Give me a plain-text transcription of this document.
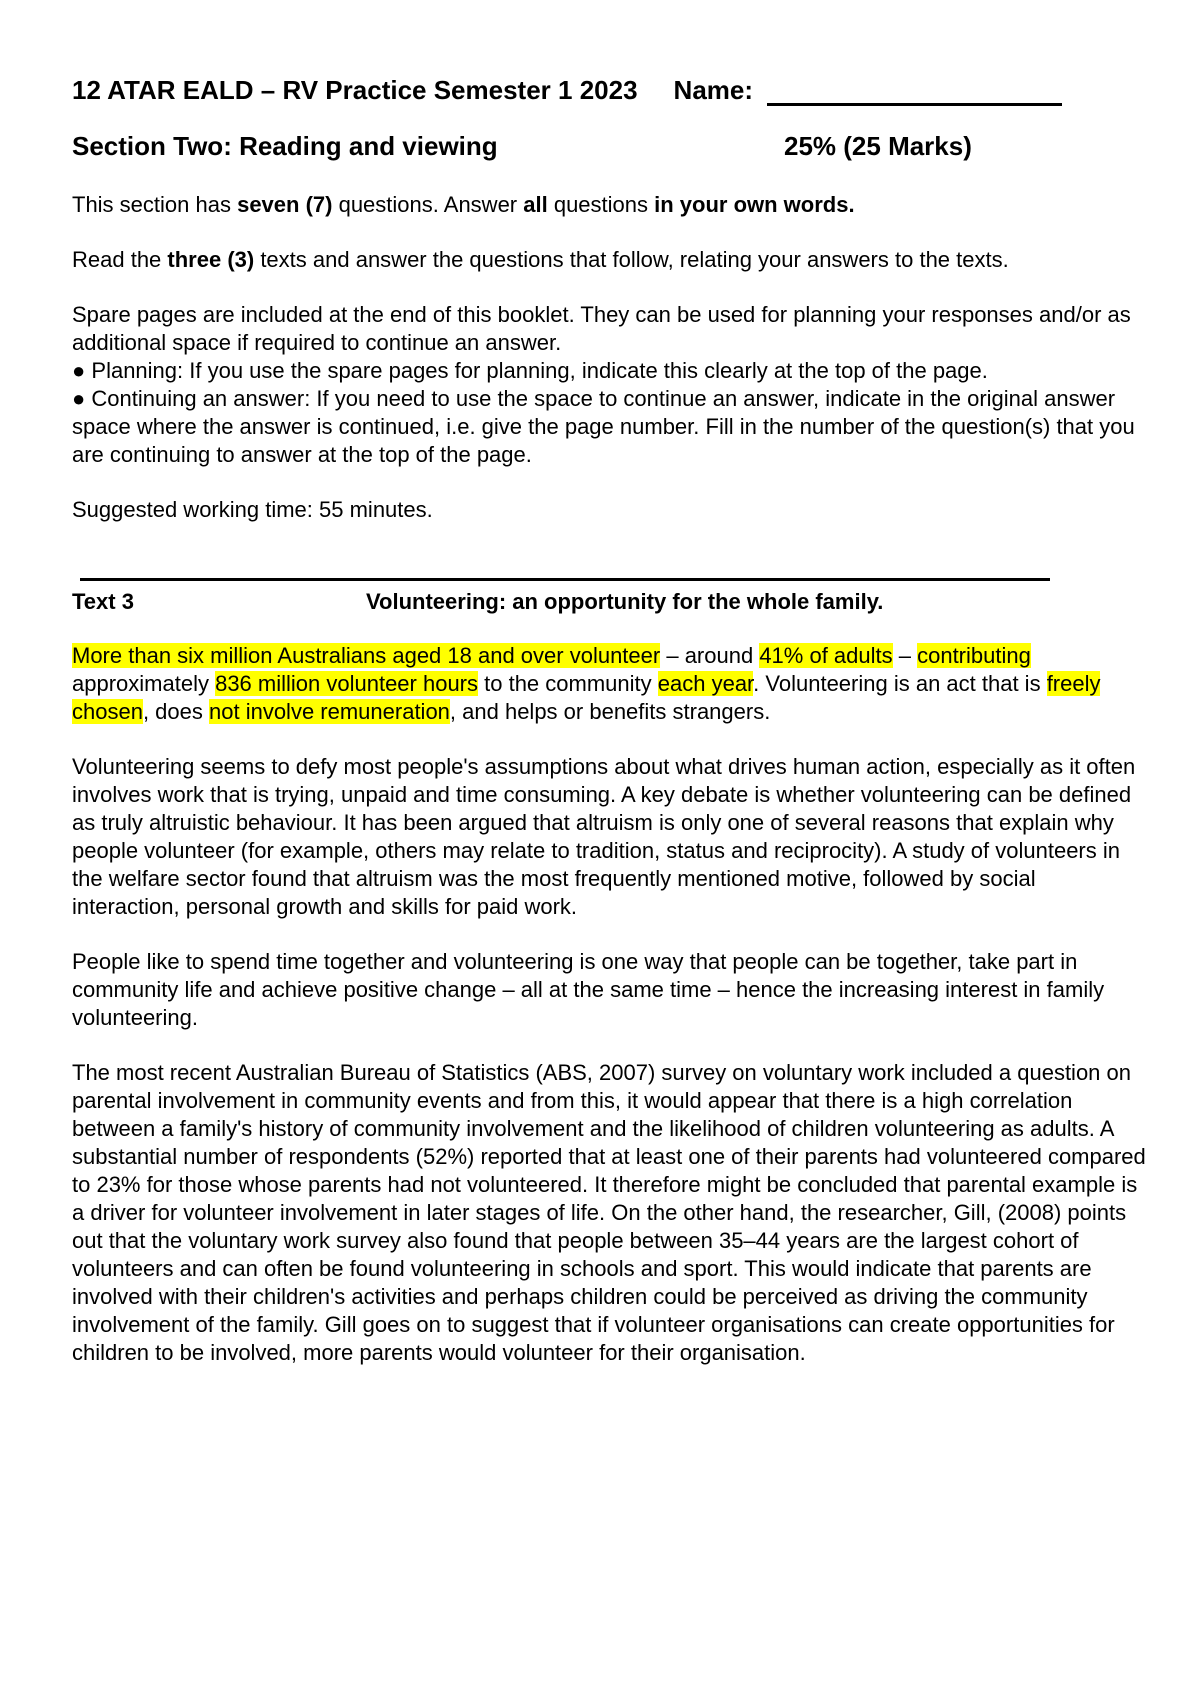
12 ATAR EALD – RV Practice Semester 1 2023 Name:
Section Two: Reading and viewing	25% (25 Marks)

This section has seven (7) questions. Answer all questions in your own words.

Read the three (3) texts and answer the questions that follow, relating your answers to the texts.

Spare pages are included at the end of this booklet. They can be used for planning your responses and/or as additional space if required to continue an answer.

● Planning: If you use the spare pages for planning, indicate this clearly at the top of the page.

● Continuing an answer: If you need to use the space to continue an answer, indicate in the original answer space where the answer is continued, i.e. give the page number. Fill in the number of the question(s) that you are continuing to answer at the top of the page.

Suggested working time: 55 minutes.

Text 3	Volunteering: an opportunity for the whole family.

More than six million Australians aged 18 and over volunteer – around 41% of adults – contributing approximately 836 million volunteer hours to the community each year. Volunteering is an act that is freely chosen, does not involve remuneration, and helps or benefits strangers.

Volunteering seems to defy most people's assumptions about what drives human action, especially as it often involves work that is trying, unpaid and time consuming. A key debate is whether volunteering can be defined as truly altruistic behaviour. It has been argued that altruism is only one of several reasons that explain why people volunteer (for example, others may relate to tradition, status and reciprocity). A study of volunteers in the welfare sector found that altruism was the most frequently mentioned motive, followed by social interaction, personal growth and skills for paid work.

People like to spend time together and volunteering is one way that people can be together, take part in community life and achieve positive change – all at the same time – hence the increasing interest in family volunteering.

The most recent Australian Bureau of Statistics (ABS, 2007) survey on voluntary work included a question on parental involvement in community events and from this, it would appear that there is a high correlation between a family's history of community involvement and the likelihood of children volunteering as adults. A substantial number of respondents (52%) reported that at least one of their parents had volunteered compared to 23% for those whose parents had not volunteered. It therefore might be concluded that parental example is a driver for volunteer involvement in later stages of life. On the other hand, the researcher, Gill, (2008) points out that the voluntary work survey also found that people between 35–44 years are the largest cohort of volunteers and can often be found volunteering in schools and sport. This would indicate that parents are involved with their children's activities and perhaps children could be perceived as driving the community involvement of the family. Gill goes on to suggest that if volunteer organisations can create opportunities for children to be involved, more parents would volunteer for their organisation.
